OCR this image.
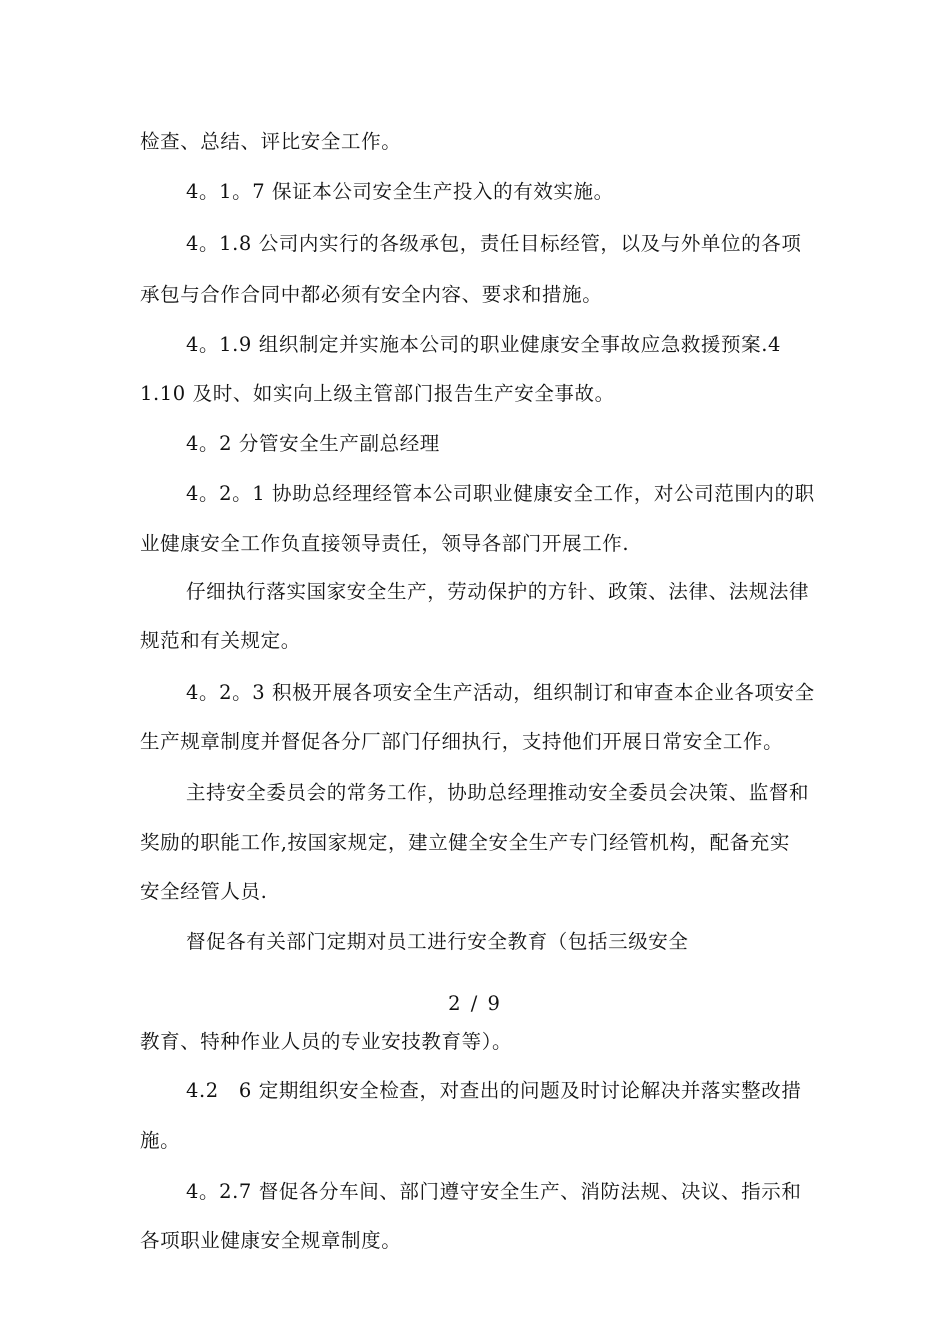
检查、总结、评比安全工作。
4。1。7 保证本公司安全生产投入的有效实施。
4。1.8 公司内实行的各级承包，责任目标经管，以及与外单位的各项
承包与合作合同中都必须有安全内容、要求和措施。
4。1.9 组织制定并实施本公司的职业健康安全事故应急救援预案.4
1.10 及时、如实向上级主管部门报告生产安全事故。
4。2 分管安全生产副总经理
4。2。1 协助总经理经管本公司职业健康安全工作，对公司范围内的职
业健康安全工作负直接领导责任，领导各部门开展工作.
仔细执行落实国家安全生产，劳动保护的方针、政策、法律、法规法律
规范和有关规定。
4。2。3 积极开展各项安全生产活动，组织制订和审查本企业各项安全
生产规章制度并督促各分厂部门仔细执行，支持他们开展日常安全工作。
主持安全委员会的常务工作，协助总经理推动安全委员会决策、监督和
奖励的职能工作,按国家规定，建立健全安全生产专门经管机构，配备充实
安全经管人员.
督促各有关部门定期对员工进行安全教育（包括三级安全
2 / 9
教育、特种作业人员的专业安技教育等）。
4.2　6 定期组织安全检查，对查出的问题及时讨论解决并落实整改措
施。
4。2.7 督促各分车间、部门遵守安全生产、消防法规、决议、指示和
各项职业健康安全规章制度。
